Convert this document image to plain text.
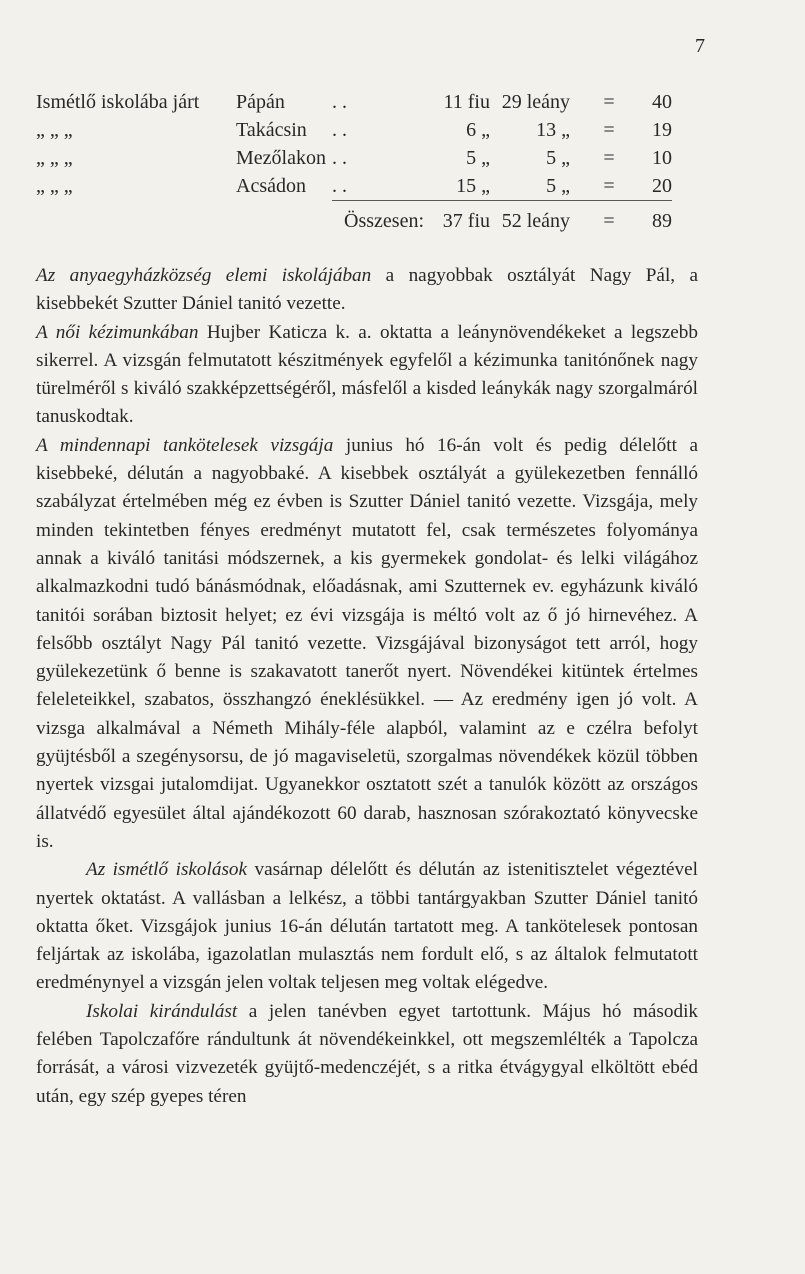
7
Ismétlő iskolába járt	Pápán	. .	11 fiu	29 leány	=	40
„ „ „	Takácsin	. .	6 „	13 „	=	19
„ „ „	Mezőlakon	. .	5 „	5 „	=	10
„ „ „	Acsádon	. .	15 „	5 „	=	20
	Összesen:		37 fiu	52 leány	=	89

Az anyaegyházközség elemi iskolájában a nagyobbak osztályát Nagy Pál, a kisebbekét Szutter Dániel tanitó vezette.

A női kézimunkában Hujber Katicza k. a. oktatta a leánynövendékeket a legszebb sikerrel. A vizsgán felmutatott készitmények egyfelől a kézimunka tanitónőnek nagy türelméről s kiváló szakképzettségéről, másfelől a kisded leánykák nagy szorgalmáról tanuskodtak.

A mindennapi tankötelesek vizsgája junius hó 16-án volt és pedig délelőtt a kisebbeké, délután a nagyobbaké. A kisebbek osztályát a gyülekezetben fennálló szabályzat értelmében még ez évben is Szutter Dániel tanitó vezette. Vizsgája, mely minden tekintetben fényes eredményt mutatott fel, csak természetes folyománya annak a kiváló tanitási módszernek, a kis gyermekek gondolat- és lelki világához alkalmazkodni tudó bánásmódnak, előadásnak, ami Szutternek ev. egyházunk kiváló tanitói sorában biztosit helyet; ez évi vizsgája is méltó volt az ő jó hirnevéhez. A felsőbb osztályt Nagy Pál tanitó vezette. Vizsgájával bizonyságot tett arról, hogy gyülekezetünk ő benne is szakavatott tanerőt nyert. Növendékei kitüntek értelmes feleleteikkel, szabatos, összhangzó éneklésükkel. — Az eredmény igen jó volt. A vizsga alkalmával a Németh Mihály-féle alapból, valamint az e czélra befolyt gyüjtésből a szegénysorsu, de jó magaviseletü, szorgalmas növendékek közül többen nyertek vizsgai jutalomdijat. Ugyanekkor osztatott szét a tanulók között az országos állatvédő egyesület által ajándékozott 60 darab, hasznosan szórakoztató könyvecske is.

Az ismétlő iskolások vasárnap délelőtt és délután az istenitisztelet végeztével nyertek oktatást. A vallásban a lelkész, a többi tantárgyakban Szutter Dániel tanitó oktatta őket. Vizsgájok junius 16-án délután tartatott meg. A tankötelesek pontosan feljártak az iskolába, igazolatlan mulasztás nem fordult elő, s az általok felmutatott eredménynyel a vizsgán jelen voltak teljesen meg voltak elégedve.

Iskolai kirándulást a jelen tanévben egyet tartottunk. Május hó második felében Tapolczafőre rándultunk át növendékeinkkel, ott megszemlélték a Tapolcza forrását, a városi vizvezeték gyüjtő-medenczéjét, s a ritka étvágygyal elköltött ebéd után, egy szép gyepes téren
